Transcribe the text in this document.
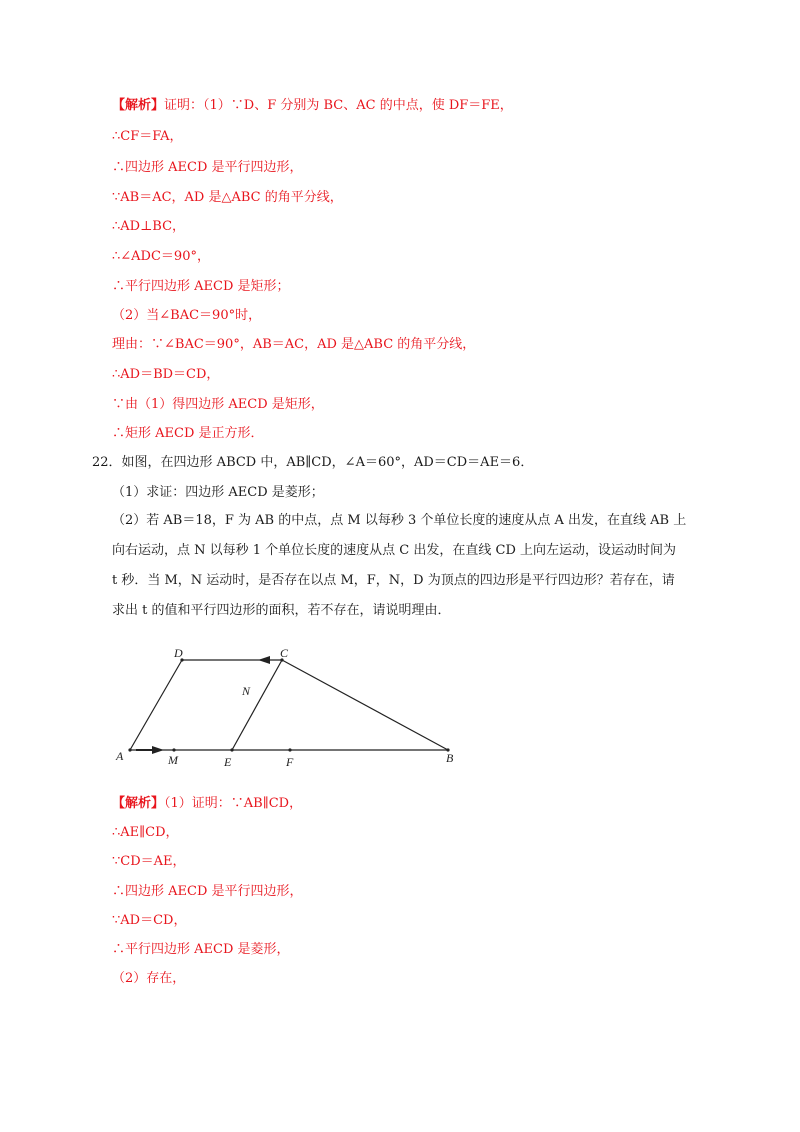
【解析】证明：（1）∵D、F 分别为 BC、AC 的中点，使 DF＝FE，
∴CF＝FA，
∴四边形 AECD 是平行四边形，
∵AB＝AC，AD 是△ABC 的角平分线，
∴AD⊥BC，
∴∠ADC＝90°，
∴平行四边形 AECD 是矩形；
（2）当∠BAC＝90°时，
理由：∵∠BAC＝90°，AB＝AC，AD 是△ABC 的角平分线，
∴AD＝BD＝CD，
∵由（1）得四边形 AECD 是矩形，
∴矩形 AECD 是正方形．
22．如图，在四边形 ABCD 中，AB∥CD，∠A＝60°，AD＝CD＝AE＝6．
（1）求证：四边形 AECD 是菱形；
（2）若 AB＝18，F 为 AB 的中点，点 M 以每秒 3 个单位长度的速度从点 A 出发，在直线 AB 上
向右运动，点 N 以每秒 1 个单位长度的速度从点 C 出发，在直线 CD 上向左运动，设运动时间为
t 秒．当 M，N 运动时，是否存在以点 M，F，N，D 为顶点的四边形是平行四边形？若存在，请
求出 t 的值和平行四边形的面积，若不存在，请说明理由．
A	M	E	F	B
D	C
N
【解析】（1）证明：∵AB∥CD，
∴AE∥CD，
∵CD＝AE，
∴四边形 AECD 是平行四边形，
∵AD＝CD，
∴平行四边形 AECD 是菱形，
（2）存在，
